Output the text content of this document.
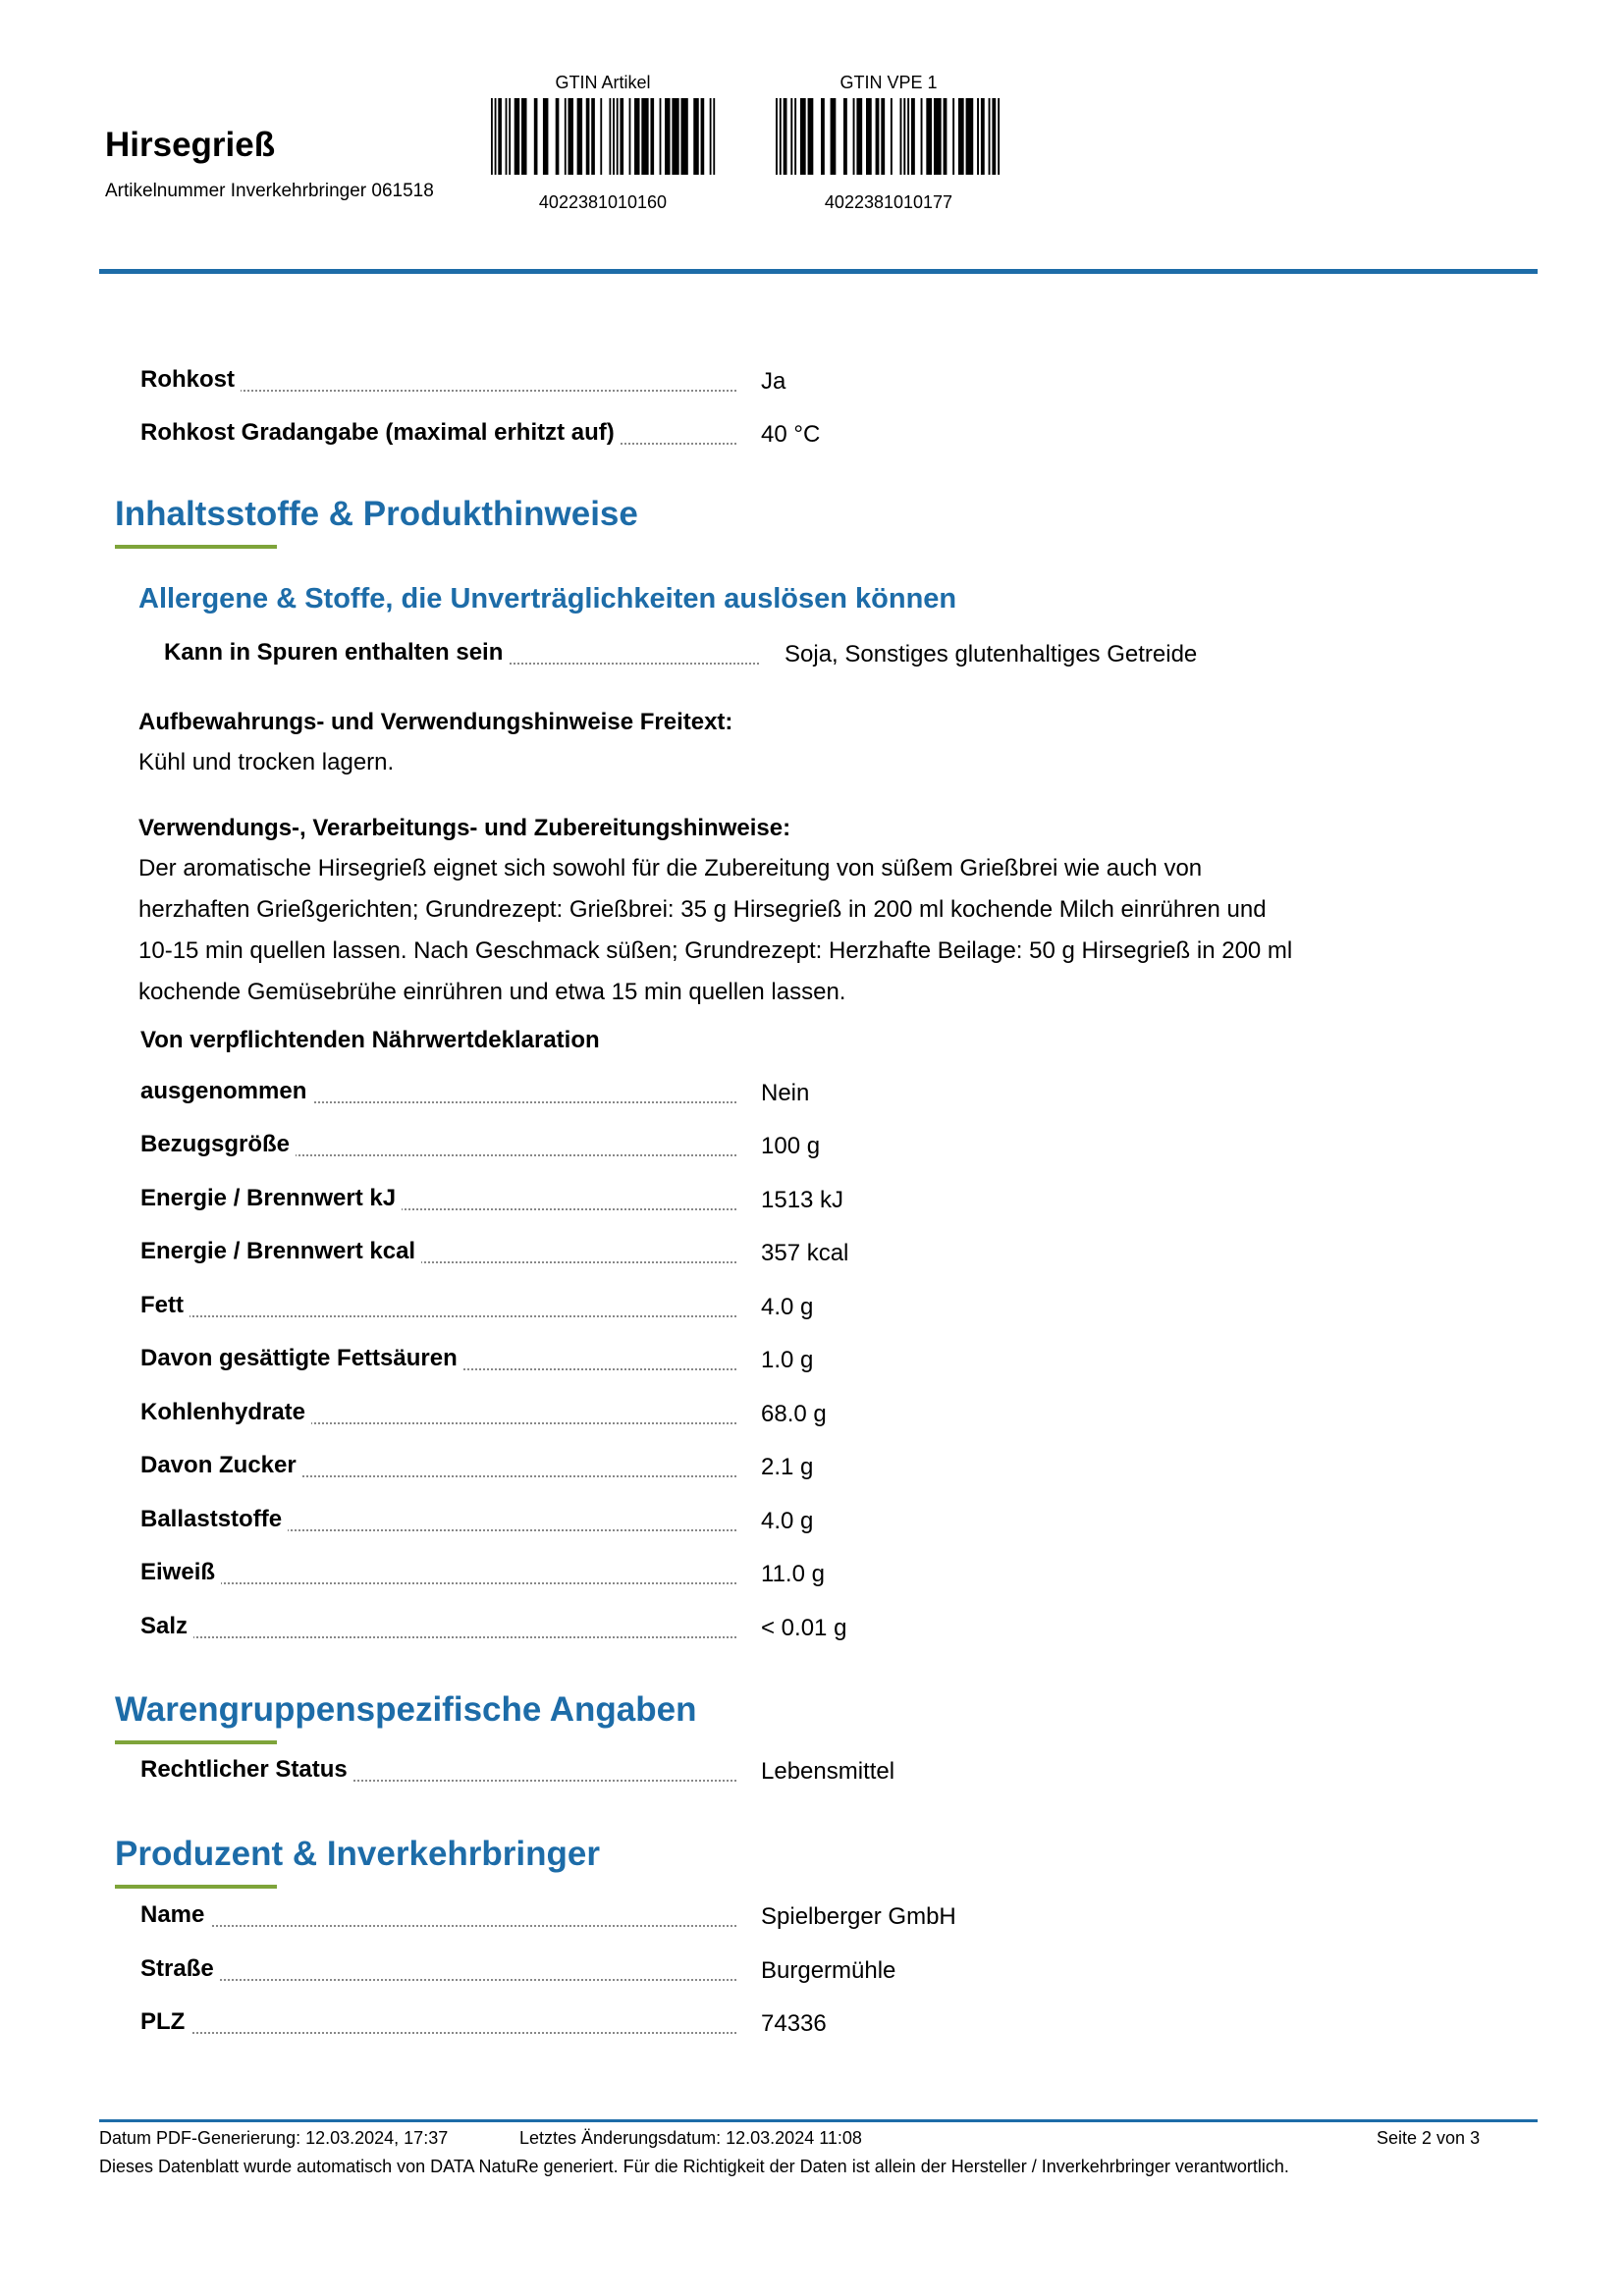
Hirsegrieß
Artikelnummer Inverkehrbringer 061518
GTIN Artikel
4022381010160
GTIN VPE 1
4022381010177
Rohkost	Ja
Rohkost Gradangabe (maximal erhitzt auf)	40 °C
Inhaltsstoffe & Produkthinweise
Allergene & Stoffe, die Unverträglichkeiten auslösen können
Kann in Spuren enthalten sein	Soja, Sonstiges glutenhaltiges Getreide
Aufbewahrungs- und Verwendungshinweise Freitext:
Kühl und trocken lagern.
Verwendungs-, Verarbeitungs- und Zubereitungshinweise:
Der aromatische Hirsegrieß eignet sich sowohl für die Zubereitung von süßem Grießbrei wie auch von
herzhaften Grießgerichten; Grundrezept: Grießbrei: 35 g Hirsegrieß in 200 ml kochende Milch einrühren und
10-15 min quellen lassen. Nach Geschmack süßen; Grundrezept: Herzhafte Beilage: 50 g Hirsegrieß in 200 ml
kochende Gemüsebrühe einrühren und etwa 15 min quellen lassen.
Von verpflichtenden Nährwertdeklaration
ausgenommen	Nein
Bezugsgröße	100 g
Energie / Brennwert kJ	1513 kJ
Energie / Brennwert kcal	357 kcal
Fett	4.0 g
Davon gesättigte Fettsäuren	1.0 g
Kohlenhydrate	68.0 g
Davon Zucker	2.1 g
Ballaststoffe	4.0 g
Eiweiß	11.0 g
Salz	< 0.01 g
Warengruppenspezifische Angaben
Rechtlicher Status	Lebensmittel
Produzent & Inverkehrbringer
Name	Spielberger GmbH
Straße	Burgermühle
PLZ	74336
Datum PDF-Generierung: 12.03.2024, 17:37	Letztes Änderungsdatum: 12.03.2024 11:08	Seite 2 von 3
Dieses Datenblatt wurde automatisch von DATA NatuRe generiert. Für die Richtigkeit der Daten ist allein der Hersteller / Inverkehrbringer verantwortlich.
